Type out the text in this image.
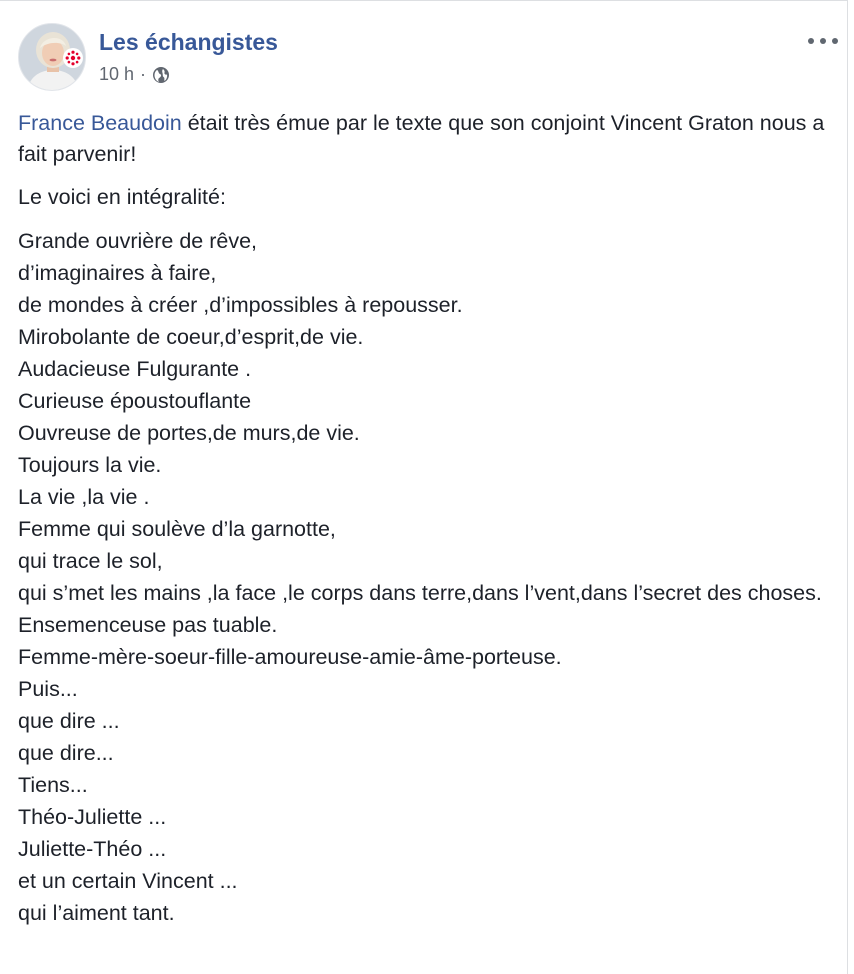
Les échangistes
10 h ·

France Beaudoin était très émue par le texte que son conjoint Vincent Graton nous a fait parvenir!

Le voici en intégralité:

Grande ouvrière de rêve,
d’imaginaires à faire,
de mondes à créer ,d’impossibles à repousser.
Mirobolante de coeur,d’esprit,de vie.
Audacieuse Fulgurante .
Curieuse époustouflante
Ouvreuse de portes,de murs,de vie.
Toujours la vie.
La vie ,la vie .
Femme qui soulève d’la garnotte,
qui trace le sol,
qui s’met les mains ,la face ,le corps dans terre,dans l’vent,dans l’secret des choses.
Ensemenceuse pas tuable.
Femme-mère-soeur-fille-amoureuse-amie-âme-porteuse.
Puis...
que dire ...
que dire...
Tiens...
Théo-Juliette ...
Juliette-Théo ...
et un certain Vincent ...
qui l’aiment tant.
